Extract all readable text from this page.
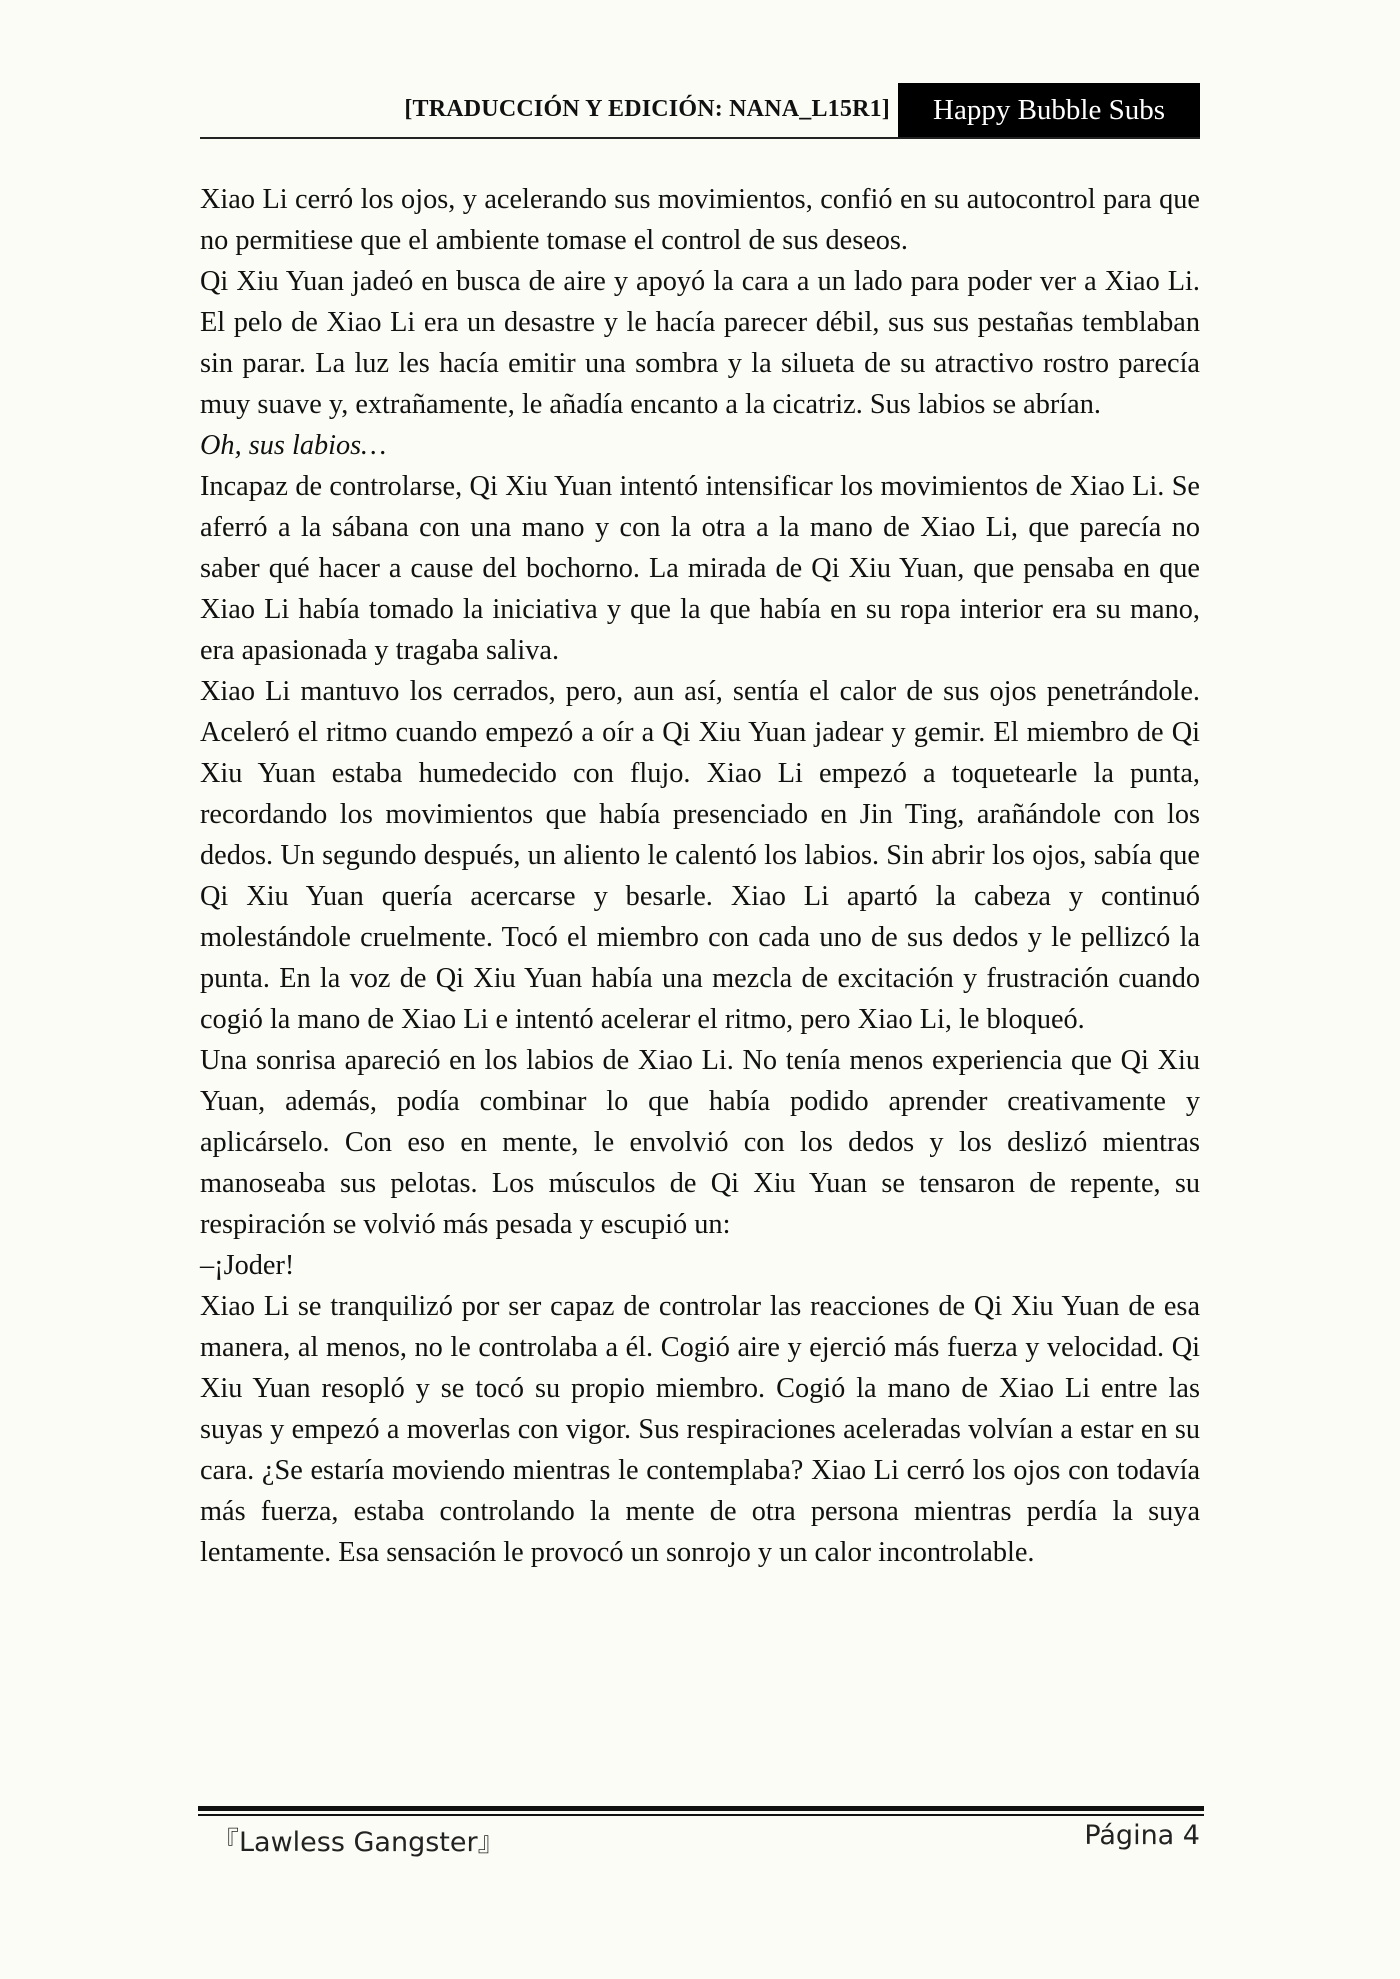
[TRADUCCIÓN Y EDICIÓN: NANA_L15R1]	Happy Bubble Subs

Xiao Li cerró los ojos, y acelerando sus movimientos, confió en su autocontrol para que no permitiese que el ambiente tomase el control de sus deseos.

Qi Xiu Yuan jadeó en busca de aire y apoyó la cara a un lado para poder ver a Xiao Li. El pelo de Xiao Li era un desastre y le hacía parecer débil, sus sus pestañas temblaban sin parar. La luz les hacía emitir una sombra y la silueta de su atractivo rostro parecía muy suave y, extrañamente, le añadía encanto a la cicatriz. Sus labios se abrían.

Oh, sus labios…

Incapaz de controlarse, Qi Xiu Yuan intentó intensificar los movimientos de Xiao Li. Se aferró a la sábana con una mano y con la otra a la mano de Xiao Li, que parecía no saber qué hacer a cause del bochorno. La mirada de Qi Xiu Yuan, que pensaba en que Xiao Li había tomado la iniciativa y que la que había en su ropa interior era su mano, era apasionada y tragaba saliva.

Xiao Li mantuvo los cerrados, pero, aun así, sentía el calor de sus ojos penetrándole. Aceleró el ritmo cuando empezó a oír a Qi Xiu Yuan jadear y gemir. El miembro de Qi Xiu Yuan estaba humedecido con flujo. Xiao Li empezó a toquetearle la punta, recordando los movimientos que había presenciado en Jin Ting, arañándole con los dedos. Un segundo después, un aliento le calentó los labios. Sin abrir los ojos, sabía que Qi Xiu Yuan quería acercarse y besarle. Xiao Li apartó la cabeza y continuó molestándole cruelmente. Tocó el miembro con cada uno de sus dedos y le pellizcó la punta. En la voz de Qi Xiu Yuan había una mezcla de excitación y frustración cuando cogió la mano de Xiao Li e intentó acelerar el ritmo, pero Xiao Li, le bloqueó.

Una sonrisa apareció en los labios de Xiao Li. No tenía menos experiencia que Qi Xiu Yuan, además, podía combinar lo que había podido aprender creativamente y aplicárselo. Con eso en mente, le envolvió con los dedos y los deslizó mientras manoseaba sus pelotas. Los músculos de Qi Xiu Yuan se tensaron de repente, su respiración se volvió más pesada y escupió un:

–¡Joder!

Xiao Li se tranquilizó por ser capaz de controlar las reacciones de Qi Xiu Yuan de esa manera, al menos, no le controlaba a él. Cogió aire y ejerció más fuerza y velocidad. Qi Xiu Yuan resopló y se tocó su propio miembro. Cogió la mano de Xiao Li entre las suyas y empezó a moverlas con vigor. Sus respiraciones aceleradas volvían a estar en su cara. ¿Se estaría moviendo mientras le contemplaba? Xiao Li cerró los ojos con todavía más fuerza, estaba controlando la mente de otra persona mientras perdía la suya lentamente. Esa sensación le provocó un sonrojo y un calor incontrolable.

『Lawless Gangster』	Página 4
